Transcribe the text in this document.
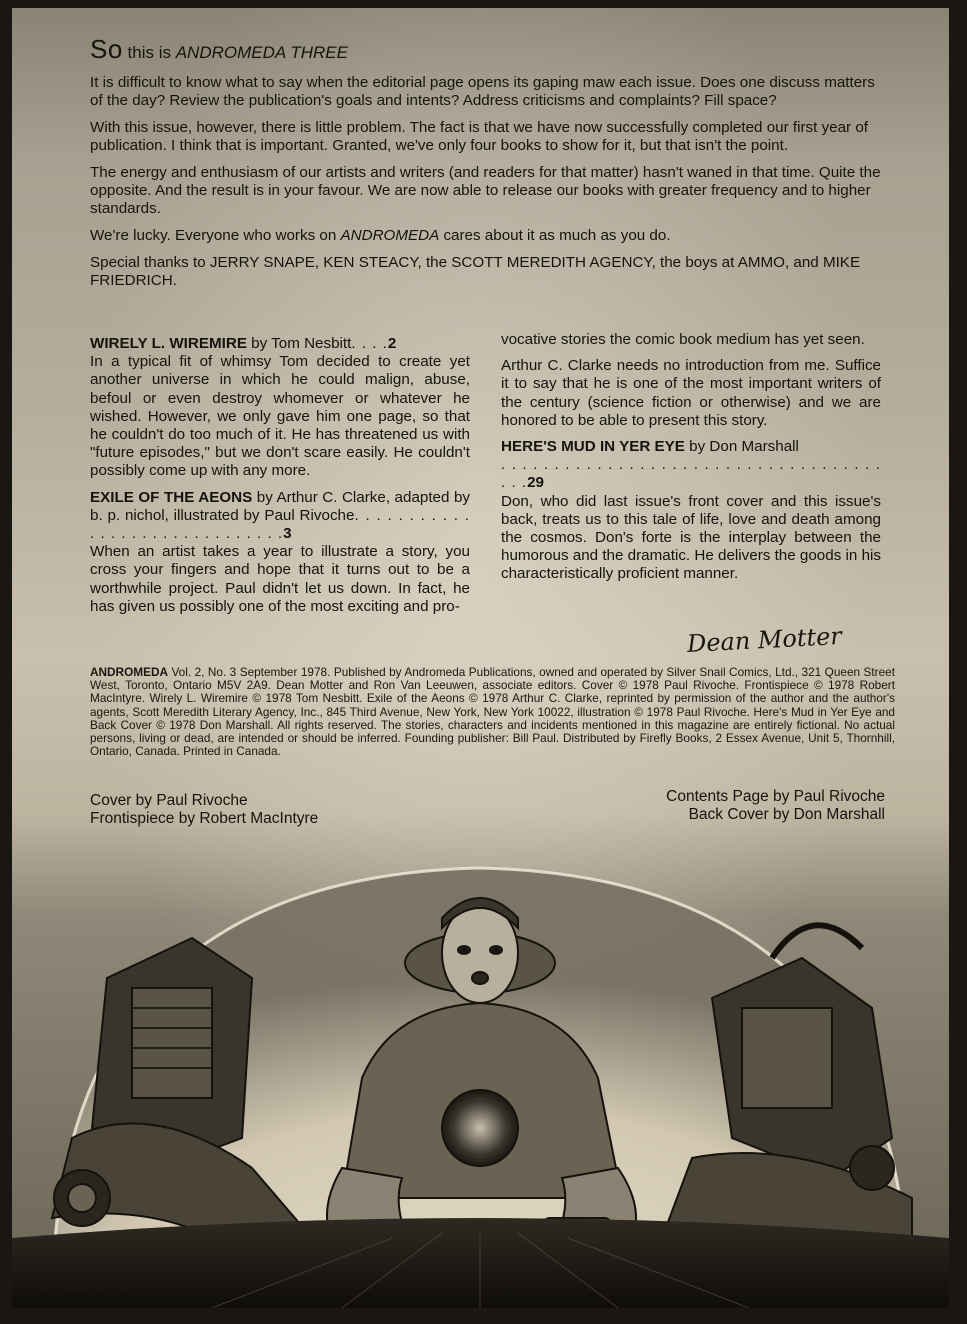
So this is ANDROMEDA THREE

It is difficult to know what to say when the editorial page opens its gaping maw each issue. Does one discuss matters of the day? Review the publication's goals and intents? Address criticisms and complaints? Fill space?

With this issue, however, there is little problem. The fact is that we have now successfully completed our first year of publication. I think that is important. Granted, we've only four books to show for it, but that isn't the point.

The energy and enthusiasm of our artists and writers (and readers for that matter) hasn't waned in that time. Quite the opposite. And the result is in your favour. We are now able to release our books with greater frequency and to higher standards.

We're lucky. Everyone who works on ANDROMEDA cares about it as much as you do.

Special thanks to JERRY SNAPE, KEN STEACY, the SCOTT MEREDITH AGENCY, the boys at AMMO, and MIKE FRIEDRICH.

WIRELY L. WIREMIRE by Tom Nesbitt. . . .2
In a typical fit of whimsy Tom decided to create yet another universe in which he could malign, abuse, befoul or even destroy whomever or whatever he wished. However, we only gave him one page, so that he couldn't do too much of it. He has threatened us with "future episodes," but we don't scare easily. He couldn't possibly come up with any more.

EXILE OF THE AEONS by Arthur C. Clarke, adapted by b. p. nichol, illustrated by Paul Rivoche. . . . . . . . . . . . . . . . . . . . . . . . . . . . . .3
When an artist takes a year to illustrate a story, you cross your fingers and hope that it turns out to be a worthwhile project. Paul didn't let us down. In fact, he has given us possibly one of the most exciting and pro-

vocative stories the comic book medium has yet seen.

Arthur C. Clarke needs no introduction from me. Suffice it to say that he is one of the most important writers of the century (science fiction or otherwise) and we are honored to be able to present this story.

HERE'S MUD IN YER EYE by Don Marshall
. . . . . . . . . . . . . . . . . . . . . . . . . . . . . . . . . . . . . . .29
Don, who did last issue's front cover and this issue's back, treats us to this tale of life, love and death among the cosmos. Don's forte is the interplay between the humorous and the dramatic. He delivers the goods in his characteristically proficient manner.

Dean Motter
ANDROMEDA Vol. 2, No. 3 September 1978. Published by Andromeda Publications, owned and operated by Silver Snail Comics, Ltd., 321 Queen Street West, Toronto, Ontario M5V 2A9. Dean Motter and Ron Van Leeuwen, associate editors. Cover © 1978 Paul Rivoche. Frontispiece © 1978 Robert MacIntyre. Wirely L. Wiremire © 1978 Tom Nesbitt. Exile of the Aeons © 1978 Arthur C. Clarke, reprinted by permission of the author and the author's agents, Scott Meredith Literary Agency, Inc., 845 Third Avenue, New York, New York 10022, illustration © 1978 Paul Rivoche. Here's Mud in Yer Eye and Back Cover © 1978 Don Marshall. All rights reserved. The stories, characters and incidents mentioned in this magazine are entirely fictional. No actual persons, living or dead, are intended or should be inferred. Founding publisher: Bill Paul. Distributed by Firefly Books, 2 Essex Avenue, Unit 5, Thornhill, Ontario, Canada. Printed in Canada.
Cover by Paul Rivoche
Frontispiece by Robert MacIntyre
Contents Page by Paul Rivoche
Back Cover by Don Marshall
RIVOCHE '78
